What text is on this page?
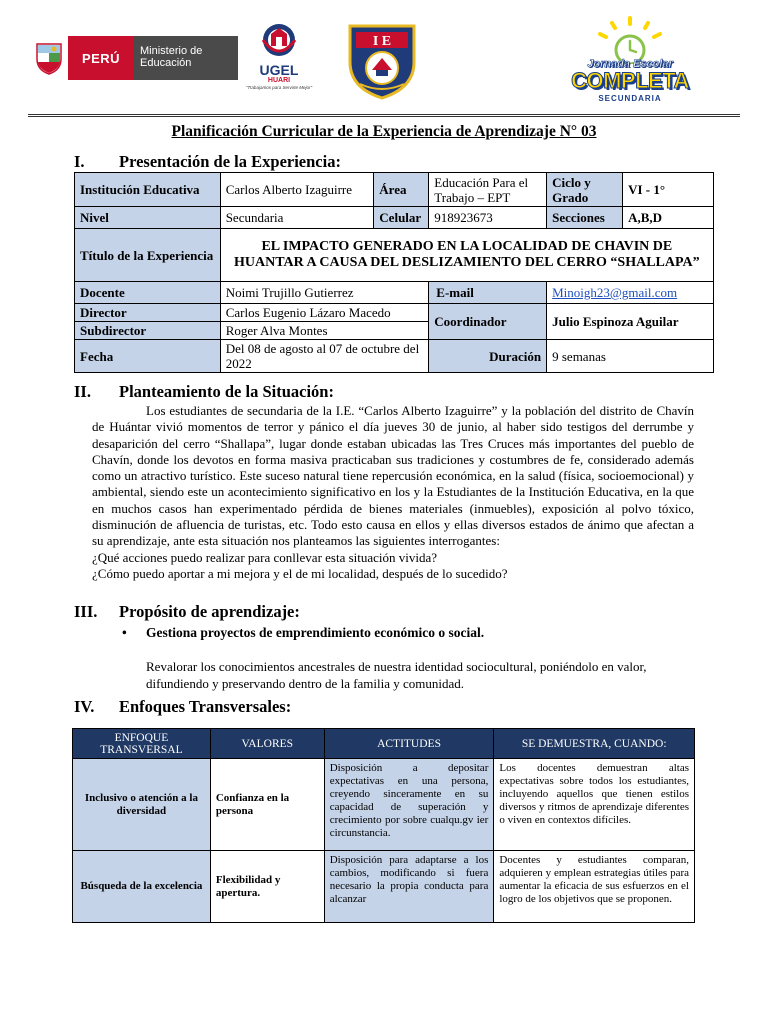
PERÚ	Ministerio de Educación	UGEL
HUARI
"Trabajamos para Servirte Mejor"
I E
Jornada Escolar
COMPLETA
SECUNDARIA
Planificación Curricular de la Experiencia de Aprendizaje N° 03
I.	Presentación de la Experiencia:
Institución Educativa	Carlos Alberto Izaguirre	Área	Educación Para el Trabajo – EPT	Ciclo y Grado	VI - 1°
Nivel	Secundaria	Celular	918923673	Secciones	A,B,D
Título de la Experiencia	EL IMPACTO GENERADO EN LA LOCALIDAD DE CHAVIN DE HUANTAR A CAUSA DEL DESLIZAMIENTO DEL CERRO “SHALLAPA”				
Docente	Noimi Trujillo Gutierrez		E-mail	Minoigh23@gmail.com	
Director	Carlos Eugenio Lázaro Macedo		Coordinador	Julio Espinoza Aguilar	
Subdirector	Roger Alva Montes				
Fecha	Del 08 de agosto al 07 de octubre del 2022		Duración	9 semanas	
II.	Planteamiento de la Situación:
Los estudiantes de secundaria de la I.E. “Carlos Alberto Izaguirre” y la población del distrito de Chavín de Huántar vivió momentos de terror y pánico el día jueves 30 de junio, al haber sido testigos del derrumbe y desaparición del cerro “Shallapa”, lugar donde estaban ubicadas las Tres Cruces más importantes del pueblo de Chavín, donde los devotos en forma masiva practicaban sus tradiciones y costumbres de fe, considerado además como un atractivo turístico. Este suceso natural tiene repercusión económica, en la salud (física, socioemocional) y ambiental, siendo este un acontecimiento significativo en los y la Estudiantes de la Institución Educativa, en la que en muchos casos han experimentado pérdida de bienes materiales (inmuebles), exposición al polvo tóxico, disminución de afluencia de turistas, etc. Todo esto causa en ellos y ellas diversos estados de ánimo que afectan a su aprendizaje, ante esta situación nos planteamos las siguientes interrogantes:
¿Qué acciones puedo realizar para conllevar esta situación vivida?
¿Cómo puedo aportar a mi mejora y el de mi localidad, después de lo sucedido?
III.	Propósito de aprendizaje:
•	Gestiona proyectos de emprendimiento económico o social.
Revalorar los conocimientos ancestrales de nuestra identidad sociocultural, poniéndolo en valor, difundiendo y preservando dentro de la familia y comunidad.
IV.	Enfoques Transversales:
ENFOQUE TRANSVERSAL	VALORES	ACTITUDES	SE DEMUESTRA, CUANDO:
Inclusivo o atención a la diversidad	Confianza en la persona	Disposición a depositar expectativas en una persona, creyendo sinceramente en su capacidad de superación y crecimiento por sobre cualqu.gv ier circunstancia.	Los docentes demuestran altas expectativas sobre todos los estudiantes, incluyendo aquellos que tienen estilos diversos y ritmos de aprendizaje diferentes o viven en contextos difíciles.
Búsqueda de la excelencia	Flexibilidad y apertura.	Disposición para adaptarse a los cambios, modificando si fuera necesario la propia conducta para alcanzar	Docentes y estudiantes comparan, adquieren y emplean estrategias útiles para aumentar la eficacia de sus esfuerzos en el logro de los objetivos que se proponen.
